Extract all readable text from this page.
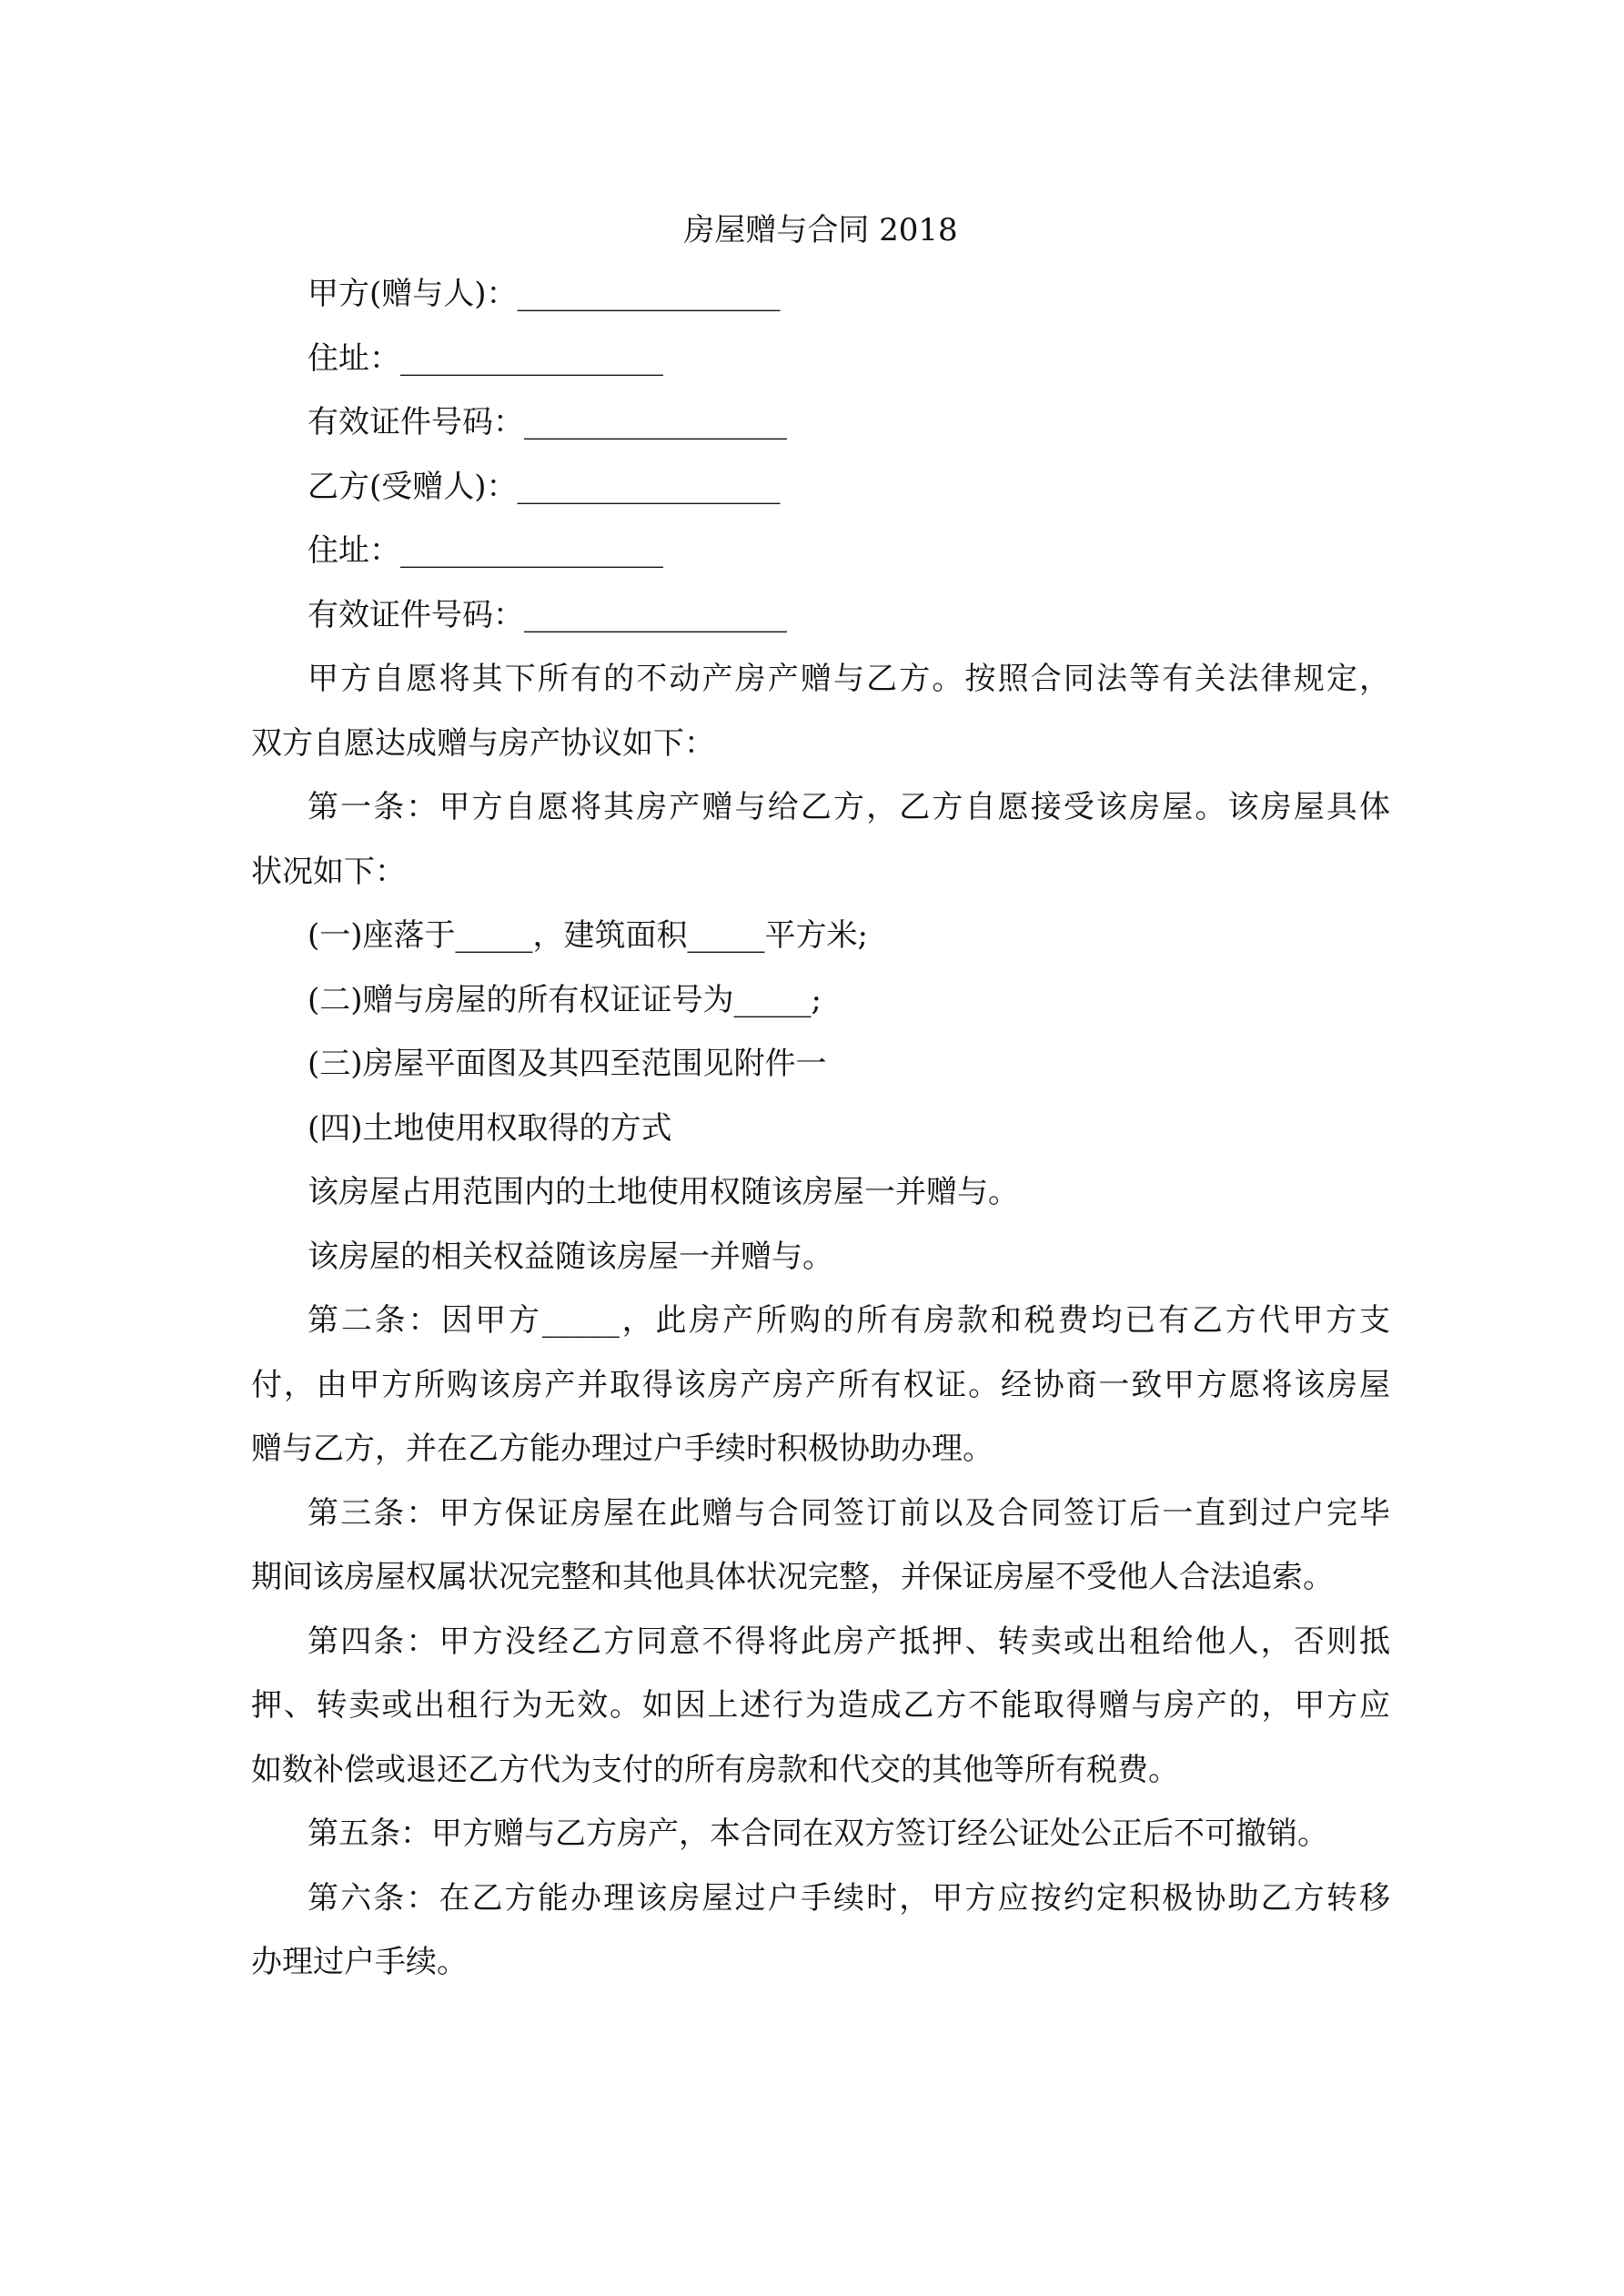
房屋赠与合同 2018
甲方(赠与人)：_________________
住址：_________________
有效证件号码：_________________
乙方(受赠人)：_________________
住址：_________________
有效证件号码：_________________
甲方自愿将其下所有的不动产房产赠与乙方。按照合同法等有关法律规定，
双方自愿达成赠与房产协议如下：
第一条：甲方自愿将其房产赠与给乙方，乙方自愿接受该房屋。该房屋具体
状况如下：
(一)座落于_____，建筑面积_____平方米;
(二)赠与房屋的所有权证证号为_____;
(三)房屋平面图及其四至范围见附件一
(四)土地使用权取得的方式
该房屋占用范围内的土地使用权随该房屋一并赠与。
该房屋的相关权益随该房屋一并赠与。
第二条：因甲方_____，此房产所购的所有房款和税费均已有乙方代甲方支
付，由甲方所购该房产并取得该房产房产所有权证。经协商一致甲方愿将该房屋
赠与乙方，并在乙方能办理过户手续时积极协助办理。
第三条：甲方保证房屋在此赠与合同签订前以及合同签订后一直到过户完毕
期间该房屋权属状况完整和其他具体状况完整，并保证房屋不受他人合法追索。
第四条：甲方没经乙方同意不得将此房产抵押、转卖或出租给他人，否则抵
押、转卖或出租行为无效。如因上述行为造成乙方不能取得赠与房产的，甲方应
如数补偿或退还乙方代为支付的所有房款和代交的其他等所有税费。
第五条：甲方赠与乙方房产，本合同在双方签订经公证处公正后不可撤销。
第六条：在乙方能办理该房屋过户手续时，甲方应按约定积极协助乙方转移
办理过户手续。
